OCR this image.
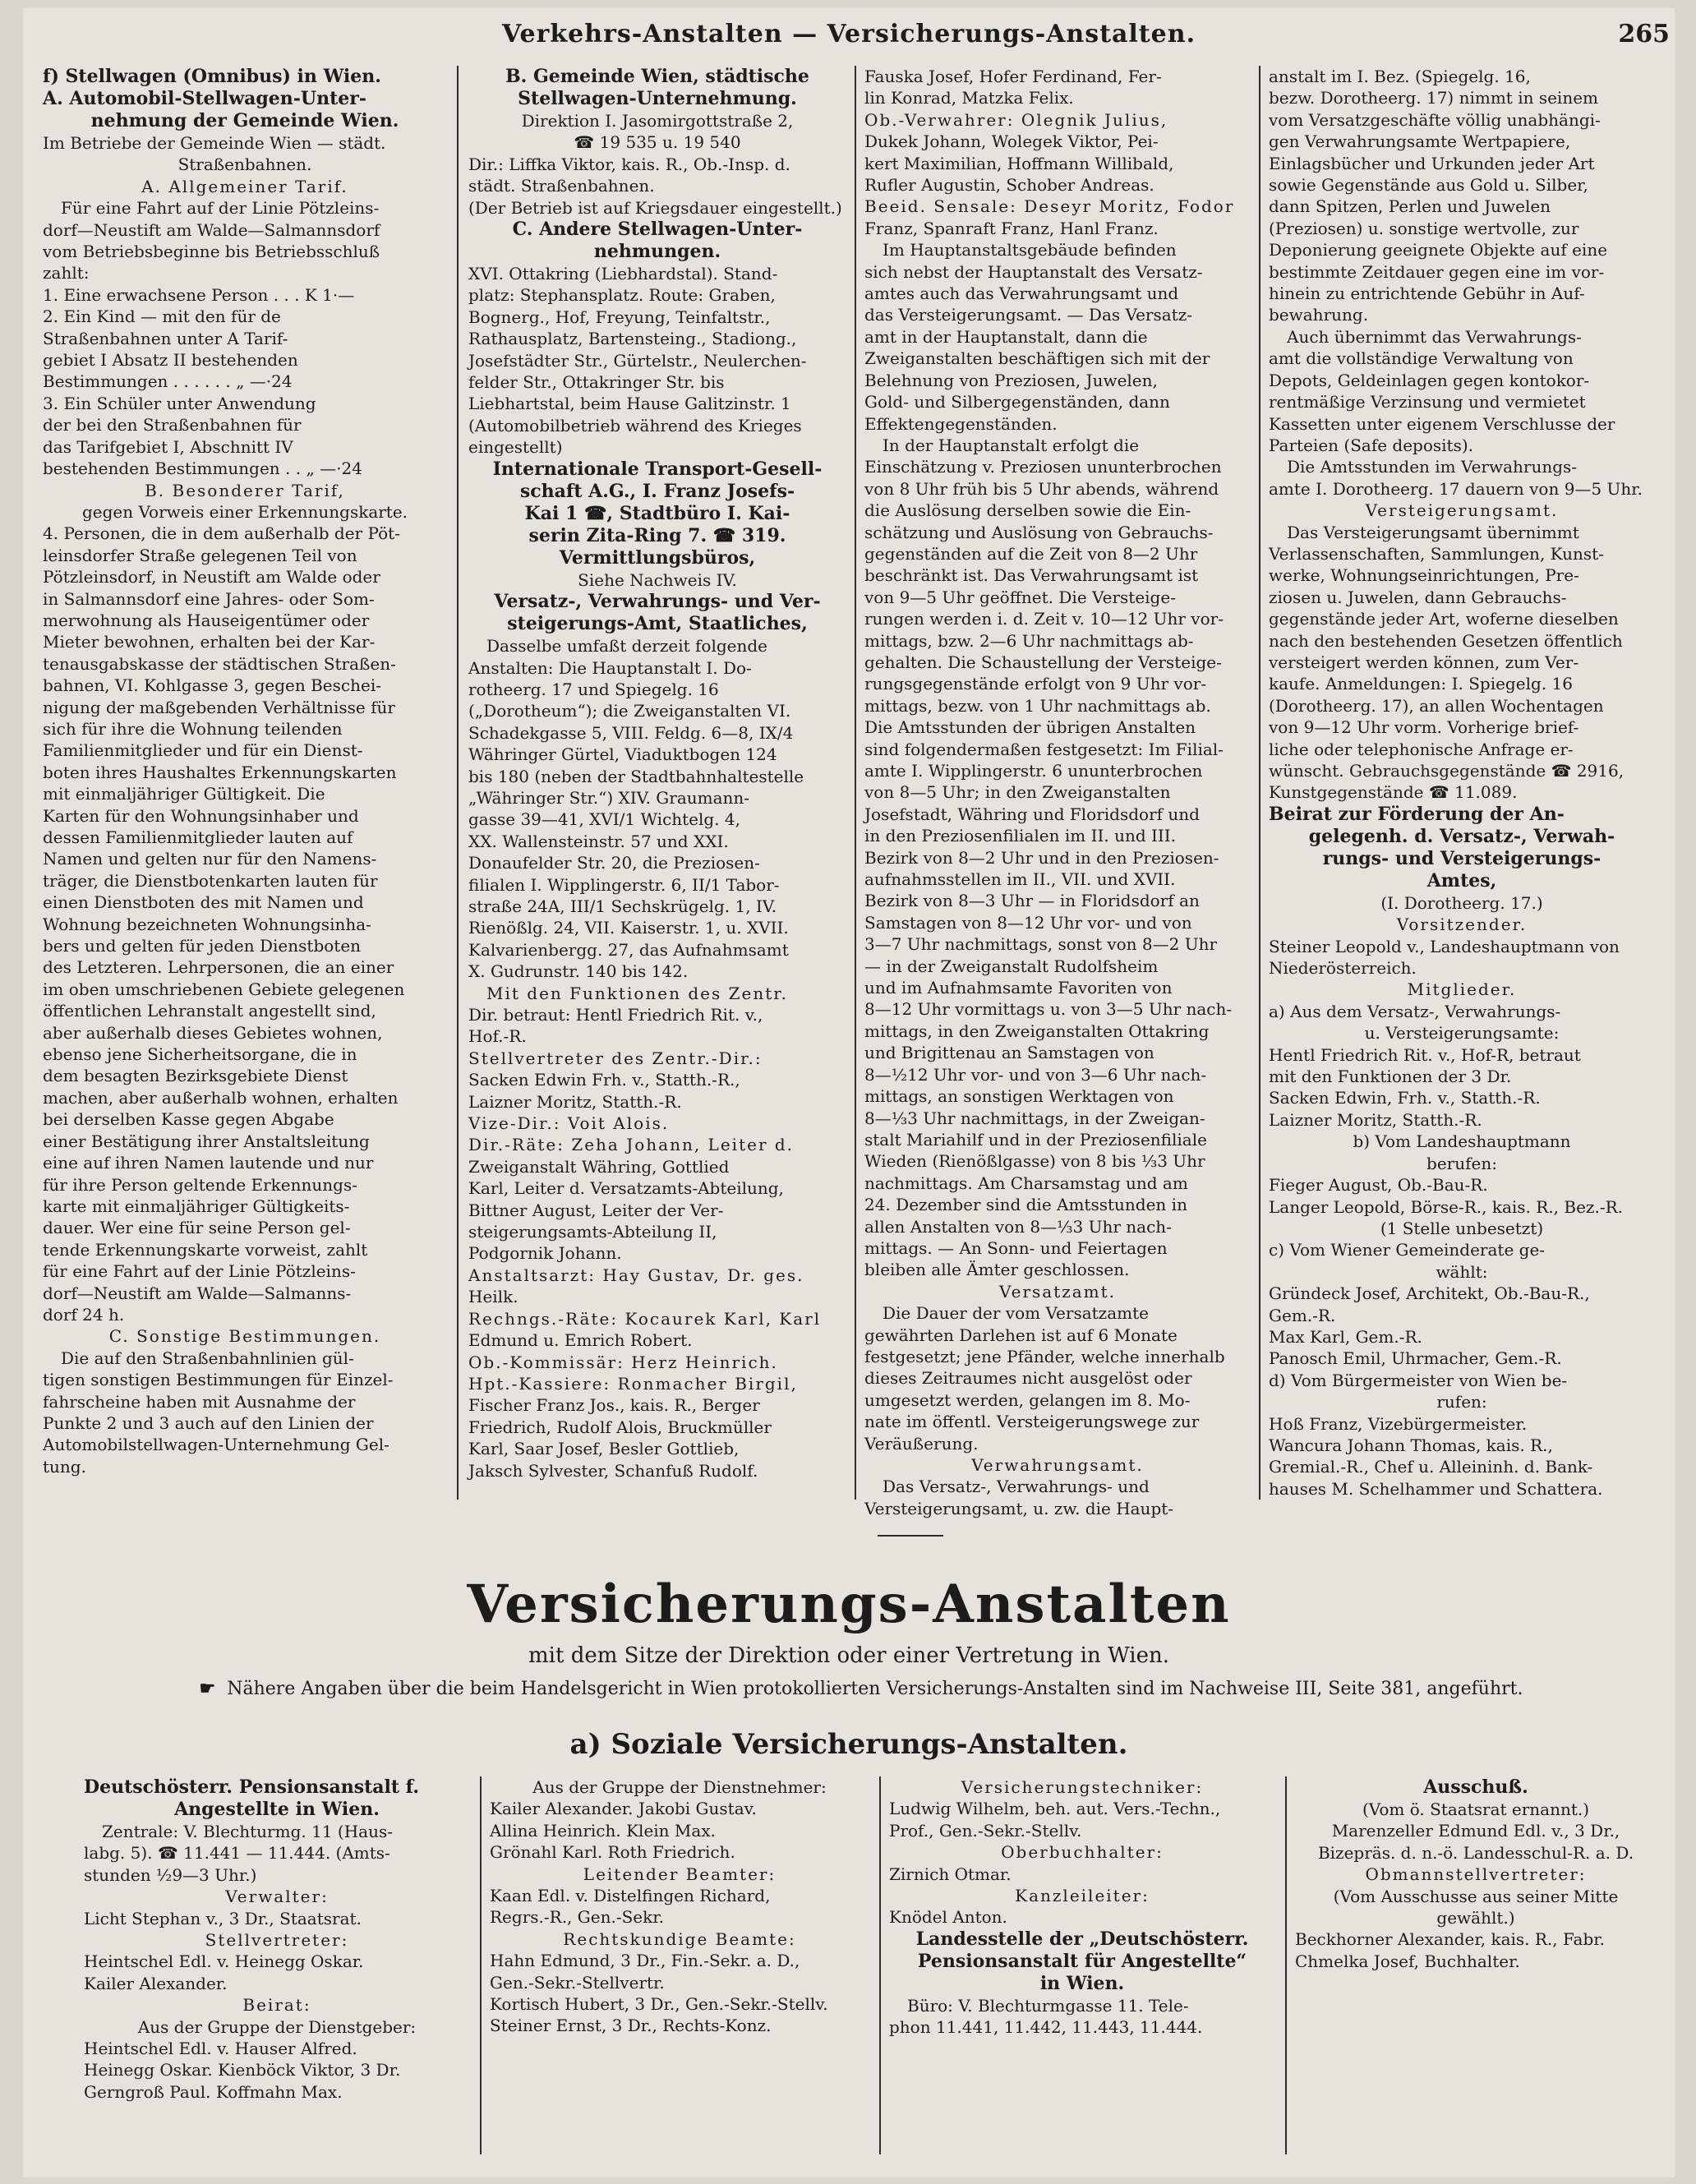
Verkehrs-Anstalten — Versicherungs-Anstalten.	265

f) Stellwagen (Omnibus) in Wien.

A. Automobil-Stellwagen-Unter-

nehmung der Gemeinde Wien.

Im Betriebe der Gemeinde Wien — städt.

Straßenbahnen.

A. Allgemeiner Tarif.

Für eine Fahrt auf der Linie Pötzleins-

dorf—Neustift am Walde—Salmannsdorf

vom Betriebsbeginne bis Betriebsschluß

zahlt:

1. Eine erwachsene Person . . . K 1·—

2. Ein Kind — mit den für de

Straßenbahnen unter A Tarif-

gebiet I Absatz II bestehenden

Bestimmungen . . . . . . „ —·24

3. Ein Schüler unter Anwendung

der bei den Straßenbahnen für

das Tarifgebiet I, Abschnitt IV

bestehenden Bestimmungen . . „ —·24

B. Besonderer Tarif,

gegen Vorweis einer Erkennungskarte.

4. Personen, die in dem außerhalb der Pöt-

leinsdorfer Straße gelegenen Teil von

Pötzleinsdorf, in Neustift am Walde oder

in Salmannsdorf eine Jahres- oder Som-

merwohnung als Hauseigentümer oder

Mieter bewohnen, erhalten bei der Kar-

tenausgabskasse der städtischen Straßen-

bahnen, VI. Kohlgasse 3, gegen Beschei-

nigung der maßgebenden Verhältnisse für

sich für ihre die Wohnung teilenden

Familienmitglieder und für ein Dienst-

boten ihres Haushaltes Erkennungskarten

mit einmaljähriger Gültigkeit. Die

Karten für den Wohnungsinhaber und

dessen Familienmitglieder lauten auf

Namen und gelten nur für den Namens-

träger, die Dienstbotenkarten lauten für

einen Dienstboten des mit Namen und

Wohnung bezeichneten Wohnungsinha-

bers und gelten für jeden Dienstboten

des Letzteren. Lehrpersonen, die an einer

im oben umschriebenen Gebiete gelegenen

öffentlichen Lehranstalt angestellt sind,

aber außerhalb dieses Gebietes wohnen,

ebenso jene Sicherheitsorgane, die in

dem besagten Bezirksgebiete Dienst

machen, aber außerhalb wohnen, erhalten

bei derselben Kasse gegen Abgabe

einer Bestätigung ihrer Anstaltsleitung

eine auf ihren Namen lautende und nur

für ihre Person geltende Erkennungs-

karte mit einmaljähriger Gültigkeits-

dauer. Wer eine für seine Person gel-

tende Erkennungskarte vorweist, zahlt

für eine Fahrt auf der Linie Pötzleins-

dorf—Neustift am Walde—Salmanns-

dorf 24 h.

C. Sonstige Bestimmungen.

Die auf den Straßenbahnlinien gül-

tigen sonstigen Bestimmungen für Einzel-

fahrscheine haben mit Ausnahme der

Punkte 2 und 3 auch auf den Linien der

Automobilstellwagen-Unternehmung Gel-

tung.

B. Gemeinde Wien, städtische

Stellwagen-Unternehmung.

Direktion I. Jasomirgottstraße 2,

☎ 19 535 u. 19 540

Dir.: Liffka Viktor, kais. R., Ob.-Insp. d.

städt. Straßenbahnen.

(Der Betrieb ist auf Kriegsdauer eingestellt.)

C. Andere Stellwagen-Unter-

nehmungen.

XVI. Ottakring (Liebhardstal). Stand-

platz: Stephansplatz. Route: Graben,

Bognerg., Hof, Freyung, Teinfaltstr.,

Rathausplatz, Bartensteing., Stadiong.,

Josefstädter Str., Gürtelstr., Neulerchen-

felder Str., Ottakringer Str. bis

Liebhartstal, beim Hause Galitzinstr. 1

(Automobilbetrieb während des Krieges

eingestellt)

Internationale Transport-Gesell-

schaft A.G., I. Franz Josefs-

Kai 1 ☎, Stadtbüro I. Kai-

serin Zita-Ring 7. ☎ 319.

Vermittlungsbüros,

Siehe Nachweis IV.

Versatz-, Verwahrungs- und Ver-

steigerungs-Amt, Staatliches,

Dasselbe umfaßt derzeit folgende

Anstalten: Die Hauptanstalt I. Do-

rotheerg. 17 und Spiegelg. 16

(„Dorotheum“); die Zweiganstalten VI.

Schadekgasse 5, VIII. Feldg. 6—8, IX/4

Währinger Gürtel, Viaduktbogen 124

bis 180 (neben der Stadtbahnhaltestelle

„Währinger Str.“) XIV. Graumann-

gasse 39—41, XVI/1 Wichtelg. 4,

XX. Wallensteinstr. 57 und XXI.

Donaufelder Str. 20, die Preziosen-

filialen I. Wipplingerstr. 6, II/1 Tabor-

straße 24A, III/1 Sechskrügelg. 1, IV.

Rienößlg. 24, VII. Kaiserstr. 1, u. XVII.

Kalvarienbergg. 27, das Aufnahmsamt

X. Gudrunstr. 140 bis 142.

Mit den Funktionen des Zentr.

Dir. betraut: Hentl Friedrich Rit. v.,

Hof.-R.

Stellvertreter des Zentr.-Dir.:

Sacken Edwin Frh. v., Statth.-R.,

Laizner Moritz, Statth.-R.

Vize-Dir.: Voit Alois.

Dir.-Räte: Zeha Johann, Leiter d.

Zweiganstalt Währing, Gottlied

Karl, Leiter d. Versatzamts-Abteilung,

Bittner August, Leiter der Ver-

steigerungsamts-Abteilung II,

Podgornik Johann.

Anstaltsarzt: Hay Gustav, Dr. ges.

Heilk.

Rechngs.-Räte: Kocaurek Karl, Karl

Edmund u. Emrich Robert.

Ob.-Kommissär: Herz Heinrich.

Hpt.-Kassiere: Ronmacher Birgil,

Fischer Franz Jos., kais. R., Berger

Friedrich, Rudolf Alois, Bruckmüller

Karl, Saar Josef, Besler Gottlieb,

Jaksch Sylvester, Schanfuß Rudolf.

Fauska Josef, Hofer Ferdinand, Fer-

lin Konrad, Matzka Felix.

Ob.-Verwahrer: Olegnik Julius,

Dukek Johann, Wolegek Viktor, Pei-

kert Maximilian, Hoffmann Willibald,

Rufler Augustin, Schober Andreas.

Beeid. Sensale: Deseyr Moritz, Fodor

Franz, Spanraft Franz, Hanl Franz.

Im Hauptanstaltsgebäude befinden

sich nebst der Hauptanstalt des Versatz-

amtes auch das Verwahrungsamt und

das Versteigerungsamt. — Das Versatz-

amt in der Hauptanstalt, dann die

Zweiganstalten beschäftigen sich mit der

Belehnung von Preziosen, Juwelen,

Gold- und Silbergegenständen, dann

Effektengegenständen.

In der Hauptanstalt erfolgt die

Einschätzung v. Preziosen ununterbrochen

von 8 Uhr früh bis 5 Uhr abends, während

die Auslösung derselben sowie die Ein-

schätzung und Auslösung von Gebrauchs-

gegenständen auf die Zeit von 8—2 Uhr

beschränkt ist. Das Verwahrungsamt ist

von 9—5 Uhr geöffnet. Die Versteige-

rungen werden i. d. Zeit v. 10—12 Uhr vor-

mittags, bzw. 2—6 Uhr nachmittags ab-

gehalten. Die Schaustellung der Versteige-

rungsgegenstände erfolgt von 9 Uhr vor-

mittags, bezw. von 1 Uhr nachmittags ab.

Die Amtsstunden der übrigen Anstalten

sind folgendermaßen festgesetzt: Im Filial-

amte I. Wipplingerstr. 6 ununterbrochen

von 8—5 Uhr; in den Zweiganstalten

Josefstadt, Währing und Floridsdorf und

in den Preziosenfilialen im II. und III.

Bezirk von 8—2 Uhr und in den Preziosen-

aufnahmsstellen im II., VII. und XVII.

Bezirk von 8—3 Uhr — in Floridsdorf an

Samstagen von 8—12 Uhr vor- und von

3—7 Uhr nachmittags, sonst von 8—2 Uhr

— in der Zweiganstalt Rudolfsheim

und im Aufnahmsamte Favoriten von

8—12 Uhr vormittags u. von 3—5 Uhr nach-

mittags, in den Zweiganstalten Ottakring

und Brigittenau an Samstagen von

8—½12 Uhr vor- und von 3—6 Uhr nach-

mittags, an sonstigen Werktagen von

8—⅓3 Uhr nachmittags, in der Zweigan-

stalt Mariahilf und in der Preziosenfiliale

Wieden (Rienößlgasse) von 8 bis ⅓3 Uhr

nachmittags. Am Charsamstag und am

24. Dezember sind die Amtsstunden in

allen Anstalten von 8—⅓3 Uhr nach-

mittags. — An Sonn- und Feiertagen

bleiben alle Ämter geschlossen.

Versatzamt.

Die Dauer der vom Versatzamte

gewährten Darlehen ist auf 6 Monate

festgesetzt; jene Pfänder, welche innerhalb

dieses Zeitraumes nicht ausgelöst oder

umgesetzt werden, gelangen im 8. Mo-

nate im öffentl. Versteigerungswege zur

Veräußerung.

Verwahrungsamt.

Das Versatz-, Verwahrungs- und

Versteigerungsamt, u. zw. die Haupt-

anstalt im I. Bez. (Spiegelg. 16,

bezw. Dorotheerg. 17) nimmt in seinem

vom Versatzgeschäfte völlig unabhängi-

gen Verwahrungsamte Wertpapiere,

Einlagsbücher und Urkunden jeder Art

sowie Gegenstände aus Gold u. Silber,

dann Spitzen, Perlen und Juwelen

(Preziosen) u. sonstige wertvolle, zur

Deponierung geeignete Objekte auf eine

bestimmte Zeitdauer gegen eine im vor-

hinein zu entrichtende Gebühr in Auf-

bewahrung.

Auch übernimmt das Verwahrungs-

amt die vollständige Verwaltung von

Depots, Geldeinlagen gegen kontokor-

rentmäßige Verzinsung und vermietet

Kassetten unter eigenem Verschlusse der

Parteien (Safe deposits).

Die Amtsstunden im Verwahrungs-

amte I. Dorotheerg. 17 dauern von 9—5 Uhr.

Versteigerungsamt.

Das Versteigerungsamt übernimmt

Verlassenschaften, Sammlungen, Kunst-

werke, Wohnungseinrichtungen, Pre-

ziosen u. Juwelen, dann Gebrauchs-

gegenstände jeder Art, woferne dieselben

nach den bestehenden Gesetzen öffentlich

versteigert werden können, zum Ver-

kaufe. Anmeldungen: I. Spiegelg. 16

(Dorotheerg. 17), an allen Wochentagen

von 9—12 Uhr vorm. Vorherige brief-

liche oder telephonische Anfrage er-

wünscht. Gebrauchsgegenstände ☎ 2916,

Kunstgegenstände ☎ 11.089.

Beirat zur Förderung der An-

gelegenh. d. Versatz-, Verwah-

rungs- und Versteigerungs-

Amtes,

(I. Dorotheerg. 17.)

Vorsitzender.

Steiner Leopold v., Landeshauptmann von

Niederösterreich.

Mitglieder.

a) Aus dem Versatz-, Verwahrungs-

u. Versteigerungsamte:

Hentl Friedrich Rit. v., Hof-R, betraut

mit den Funktionen der 3 Dr.

Sacken Edwin, Frh. v., Statth.-R.

Laizner Moritz, Statth.-R.

b) Vom Landeshauptmann

berufen:

Fieger August, Ob.-Bau-R.

Langer Leopold, Börse-R., kais. R., Bez.-R.

(1 Stelle unbesetzt)

c) Vom Wiener Gemeinderate ge-

wählt:

Gründeck Josef, Architekt, Ob.-Bau-R.,

Gem.-R.

Max Karl, Gem.-R.

Panosch Emil, Uhrmacher, Gem.-R.

d) Vom Bürgermeister von Wien be-

rufen:

Hoß Franz, Vizebürgermeister.

Wancura Johann Thomas, kais. R.,

Gremial.-R., Chef u. Alleininh. d. Bank-

hauses M. Schelhammer und Schattera.

Versicherungs-Anstalten
mit dem Sitze der Direktion oder einer Vertretung in Wien.
☛ Nähere Angaben über die beim Handelsgericht in Wien protokollierten Versicherungs-Anstalten sind im Nachweise III, Seite 381, angeführt.
a) Soziale Versicherungs-Anstalten.

Deutschösterr. Pensionsanstalt f.

Angestellte in Wien.

Zentrale: V. Blechturmg. 11 (Haus-

labg. 5). ☎ 11.441 — 11.444. (Amts-

stunden ½9—3 Uhr.)

Verwalter:

Licht Stephan v., 3 Dr., Staatsrat.

Stellvertreter:

Heintschel Edl. v. Heinegg Oskar.

Kailer Alexander.

Beirat:

Aus der Gruppe der Dienstgeber:

Heintschel Edl. v. Hauser Alfred.

Heinegg Oskar. Kienböck Viktor, 3 Dr.

Gerngroß Paul. Koffmahn Max.

Aus der Gruppe der Dienstnehmer:

Kailer Alexander. Jakobi Gustav.

Allina Heinrich. Klein Max.

Grönahl Karl. Roth Friedrich.

Leitender Beamter:

Kaan Edl. v. Distelfingen Richard,

Regrs.-R., Gen.-Sekr.

Rechtskundige Beamte:

Hahn Edmund, 3 Dr., Fin.-Sekr. a. D.,

Gen.-Sekr.-Stellvertr.

Kortisch Hubert, 3 Dr., Gen.-Sekr.-Stellv.

Steiner Ernst, 3 Dr., Rechts-Konz.

Versicherungstechniker:

Ludwig Wilhelm, beh. aut. Vers.-Techn.,

Prof., Gen.-Sekr.-Stellv.

Oberbuchhalter:

Zirnich Otmar.

Kanzleileiter:

Knödel Anton.

Landesstelle der „Deutschösterr.

Pensionsanstalt für Angestellte“

in Wien.

Büro: V. Blechturmgasse 11. Tele-

phon 11.441, 11.442, 11.443, 11.444.

Ausschuß.

(Vom ö. Staatsrat ernannt.)

Marenzeller Edmund Edl. v., 3 Dr.,

Bizepräs. d. n.-ö. Landesschul-R. a. D.

Obmannstellvertreter:

(Vom Ausschusse aus seiner Mitte

gewählt.)

Beckhorner Alexander, kais. R., Fabr.

Chmelka Josef, Buchhalter.
